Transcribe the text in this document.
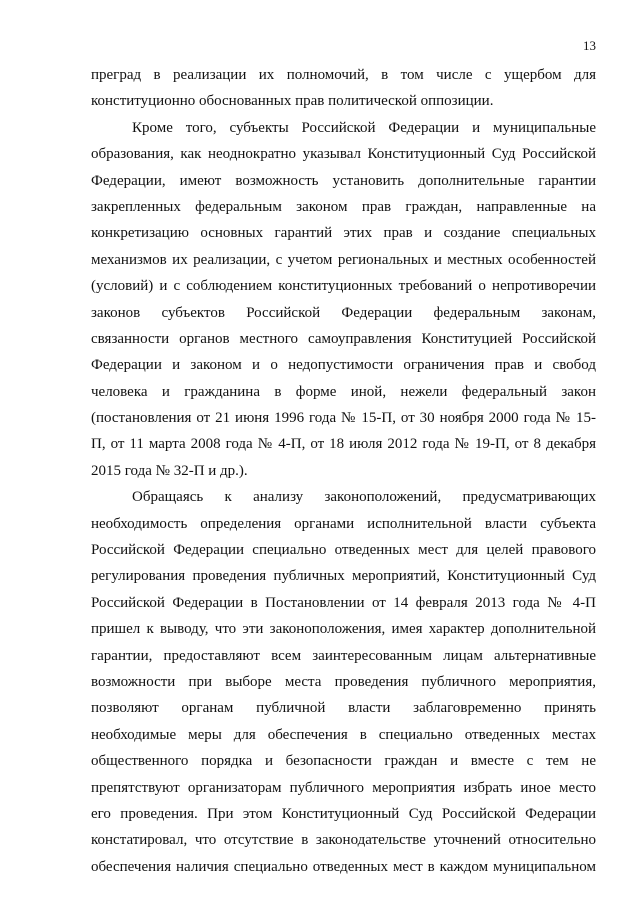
13
преград в реализации их полномочий, в том числе с ущербом для
конституционно обоснованных прав политической оппозиции.
Кроме того, субъекты Российской Федерации и муниципальные
образования, как неоднократно указывал Конституционный Суд Российской
Федерации, имеют возможность установить дополнительные гарантии
закрепленных федеральным законом прав граждан, направленные на
конкретизацию основных гарантий этих прав и создание специальных
механизмов их реализации, с учетом региональных и местных особенностей
(условий) и с соблюдением конституционных требований о непротиворечии
законов субъектов Российской Федерации федеральным законам,
связанности органов местного самоуправления Конституцией Российской
Федерации и законом и о недопустимости ограничения прав и свобод
человека и гражданина в форме иной, нежели федеральный закон
(постановления от 21 июня 1996 года № 15-П, от 30 ноября 2000 года № 15-
П, от 11 марта 2008 года № 4-П, от 18 июля 2012 года № 19-П, от 8 декабря
2015 года № 32-П и др.).
Обращаясь к анализу законоположений, предусматривающих
необходимость определения органами исполнительной власти субъекта
Российской Федерации специально отведенных мест для целей правового
регулирования проведения публичных мероприятий, Конституционный Суд
Российской Федерации в Постановлении от 14 февраля 2013 года № 4-П
пришел к выводу, что эти законоположения, имея характер дополнительной
гарантии, предоставляют всем заинтересованным лицам альтернативные
возможности при выборе места проведения публичного мероприятия,
позволяют органам публичной власти заблаговременно принять
необходимые меры для обеспечения в специально отведенных местах
общественного порядка и безопасности граждан и вместе с тем не
препятствуют организаторам публичного мероприятия избрать иное место
его проведения. При этом Конституционный Суд Российской Федерации
констатировал, что отсутствие в законодательстве уточнений относительно
обеспечения наличия специально отведенных мест в каждом муниципальном
